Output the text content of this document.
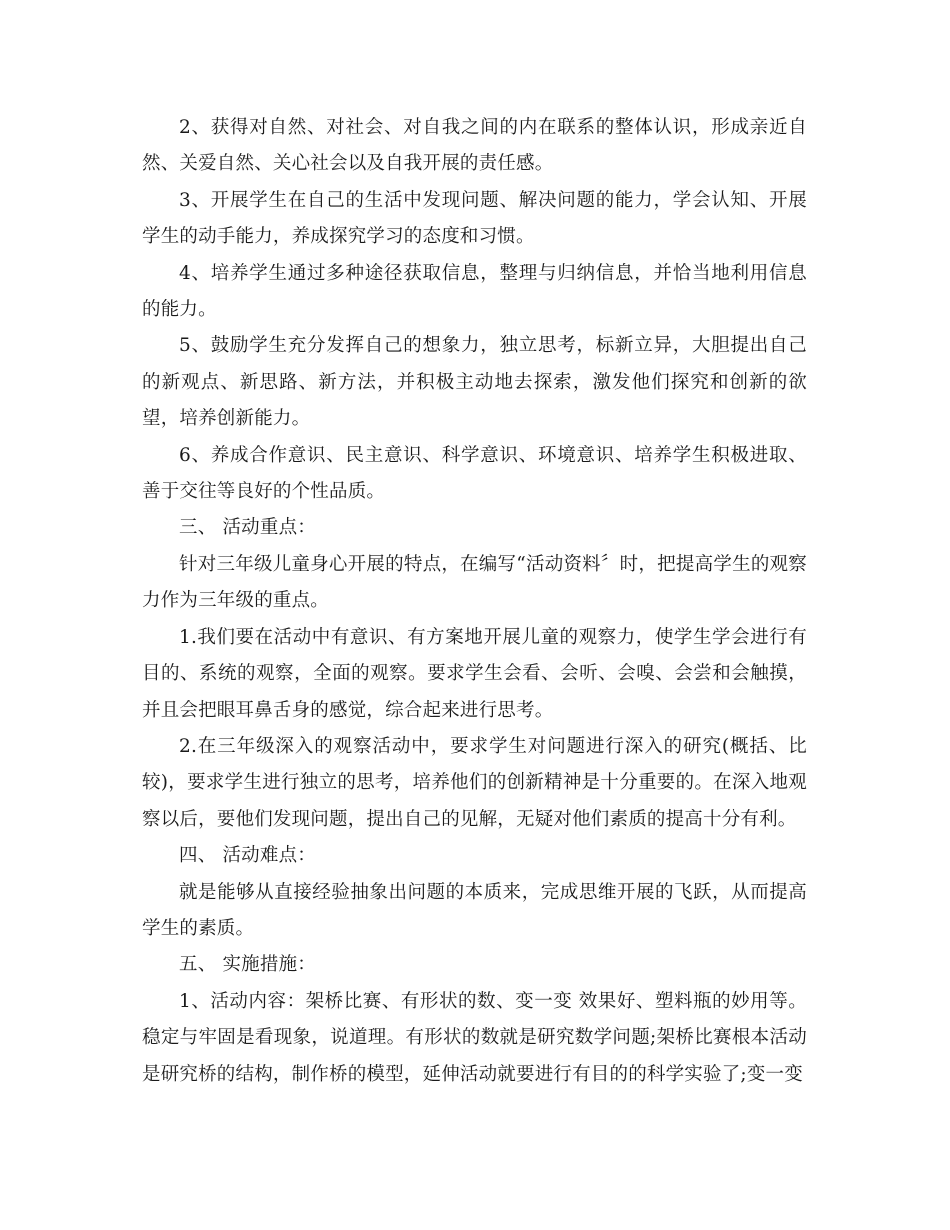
2、获得对自然、对社会、对自我之间的内在联系的整体认识，形成亲近自然、关爱自然、关心社会以及自我开展的责任感。

3、开展学生在自己的生活中发现问题、解决问题的能力，学会认知、开展学生的动手能力，养成探究学习的态度和习惯。

4、培养学生通过多种途径获取信息，整理与归纳信息，并恰当地利用信息的能力。

5、鼓励学生充分发挥自己的想象力，独立思考，标新立异，大胆提出自己的新观点、新思路、新方法，并积极主动地去探索，激发他们探究和创新的欲望，培养创新能力。

6、养成合作意识、民主意识、科学意识、环境意识、培养学生积极进取、善于交往等良好的个性品质。

三、 活动重点：

针对三年级儿童身心开展的特点，在编写“活动资料〞时，把提高学生的观察力作为三年级的重点。

1.我们要在活动中有意识、有方案地开展儿童的观察力，使学生学会进行有目的、系统的观察，全面的观察。要求学生会看、会听、会嗅、会尝和会触摸，并且会把眼耳鼻舌身的感觉，综合起来进行思考。

2.在三年级深入的观察活动中，要求学生对问题进行深入的研究(概括、比较)，要求学生进行独立的思考，培养他们的创新精神是十分重要的。在深入地观察以后，要他们发现问题，提出自己的见解，无疑对他们素质的提高十分有利。

四、 活动难点：

就是能够从直接经验抽象出问题的本质来，完成思维开展的飞跃，从而提高学生的素质。

五、 实施措施：

1、活动内容：架桥比赛、有形状的数、变一变 效果好、塑料瓶的妙用等。稳定与牢固是看现象，说道理。有形状的数就是研究数学问题;架桥比赛根本活动是研究桥的结构，制作桥的模型，延伸活动就要进行有目的的科学实验了;变一变
